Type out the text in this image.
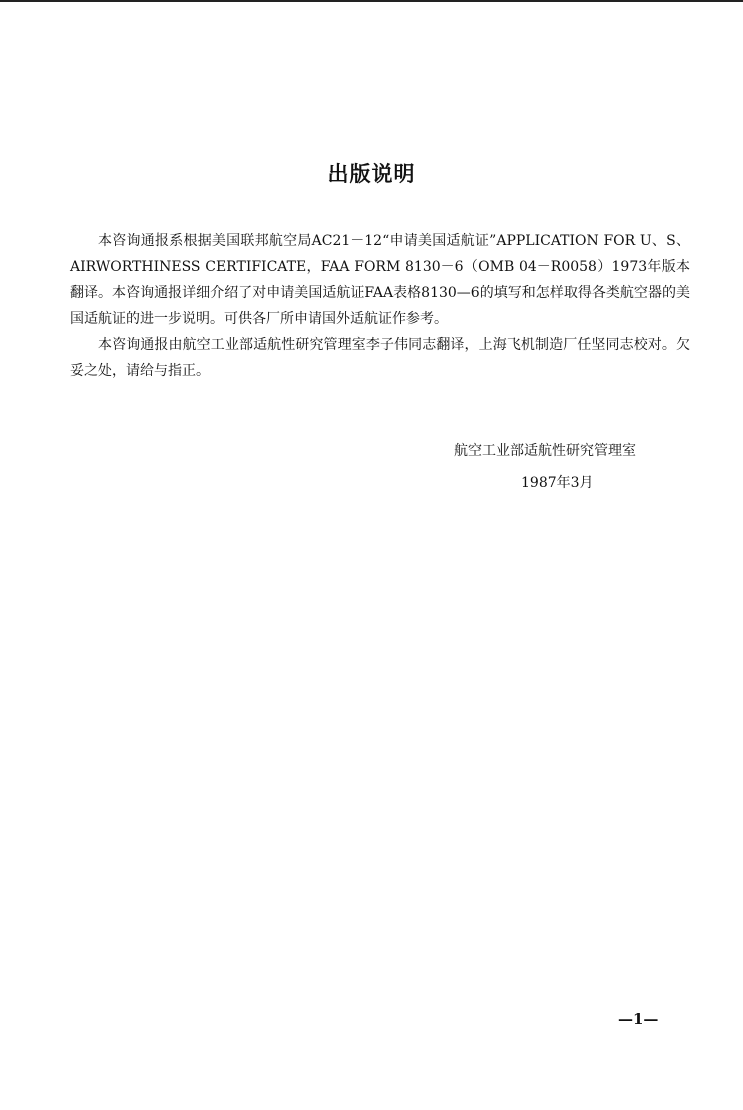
出版说明

本咨询通报系根据美国联邦航空局AC21－12“申请美国适航证”APPLICATION FOR U、S、AIRWORTHINESS CERTIFICATE，FAA FORM 8130－6（OMB 04－R0058）1973年版本翻译。本咨询通报详细介绍了对申请美国适航证FAA表格8130—6的填写和怎样取得各类航空器的美国适航证的进一步说明。可供各厂所申请国外适航证作参考。

本咨询通报由航空工业部适航性研究管理室李子伟同志翻译，上海飞机制造厂任坚同志校对。欠妥之处，请给与指正。

航空工业部适航性研究管理室
1987年3月
—1—
